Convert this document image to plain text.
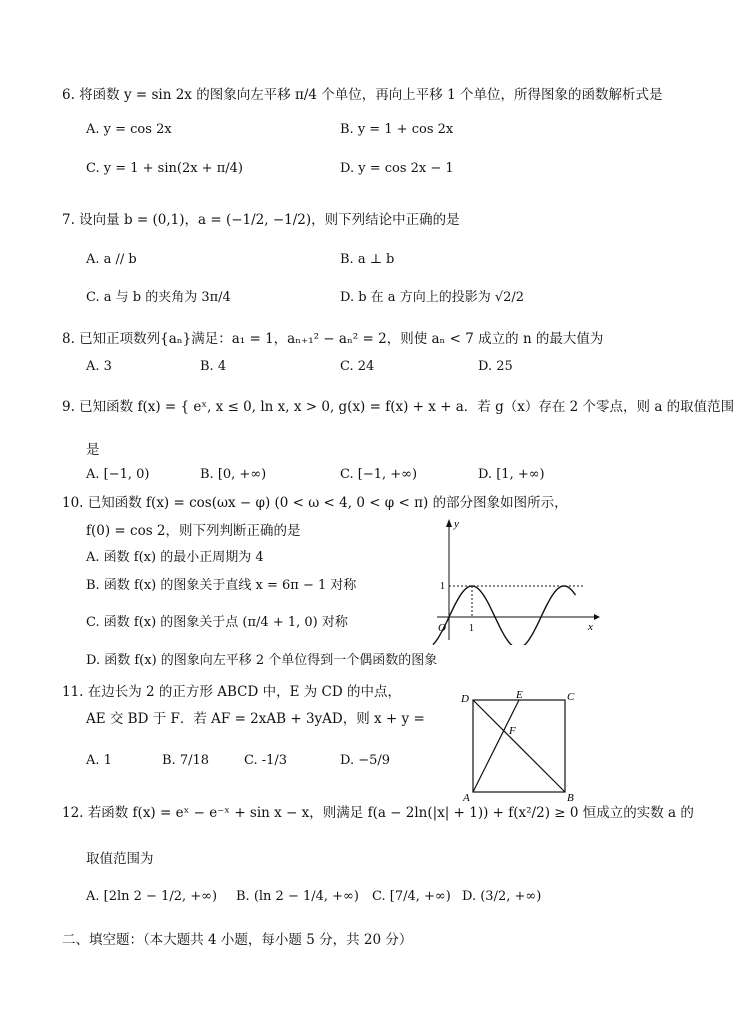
6. 将函数 y = sin 2x 的图象向左平移 π/4 个单位，再向上平移 1 个单位，所得图象的函数解析式是
A. y = cos 2x	B. y = 1 + cos 2x
C. y = 1 + sin(2x + π/4)	D. y = cos 2x − 1
7. 设向量 b = (0,1)，a = (−1/2, −1/2)，则下列结论中正确的是
A. a // b	B. a ⊥ b
C. a 与 b 的夹角为 3π/4	D. b 在 a 方向上的投影为 √2/2
8. 已知正项数列{aₙ}满足：a₁ = 1，aₙ₊₁² − aₙ² = 2，则使 aₙ < 7 成立的 n 的最大值为
A. 3	B. 4	C. 24	D. 25
9. 已知函数 f(x) = { eˣ, x ≤ 0, ln x, x > 0, g(x) = f(x) + x + a．若 g（x）存在 2 个零点，则 a 的取值范围
是
A. [−1, 0)	B. [0, +∞)	C. [−1, +∞)	D. [1, +∞)
10. 已知函数 f(x) = cos(ωx − φ) (0 < ω < 4, 0 < φ < π) 的部分图象如图所示，
f(0) = cos 2，则下列判断正确的是
A. 函数 f(x) 的最小正周期为 4
B. 函数 f(x) 的图象关于直线 x = 6π − 1 对称
C. 函数 f(x) 的图象关于点 (π/4 + 1, 0) 对称
D. 函数 f(x) 的图象向左平移 2 个单位得到一个偶函数的图象
y
x
O 1
1
11. 在边长为 2 的正方形 ABCD 中，E 为 CD 的中点，
AE 交 BD 于 F．若 AF = 2xAB + 3yAD，则 x + y =
A. 1	B. 7/18	C. -1/3	D. −5/9
A	B
C
D	E
F
12. 若函数 f(x) = eˣ − e⁻ˣ + sin x − x，则满足 f(a − 2ln(|x| + 1)) + f(x²/2) ≥ 0 恒成立的实数 a 的
取值范围为
A. [2ln 2 − 1/2, +∞) B. (ln 2 − 1/4, +∞) C. [7/4, +∞) D. (3/2, +∞)
二、填空题：（本大题共 4 小题，每小题 5 分，共 20 分）
